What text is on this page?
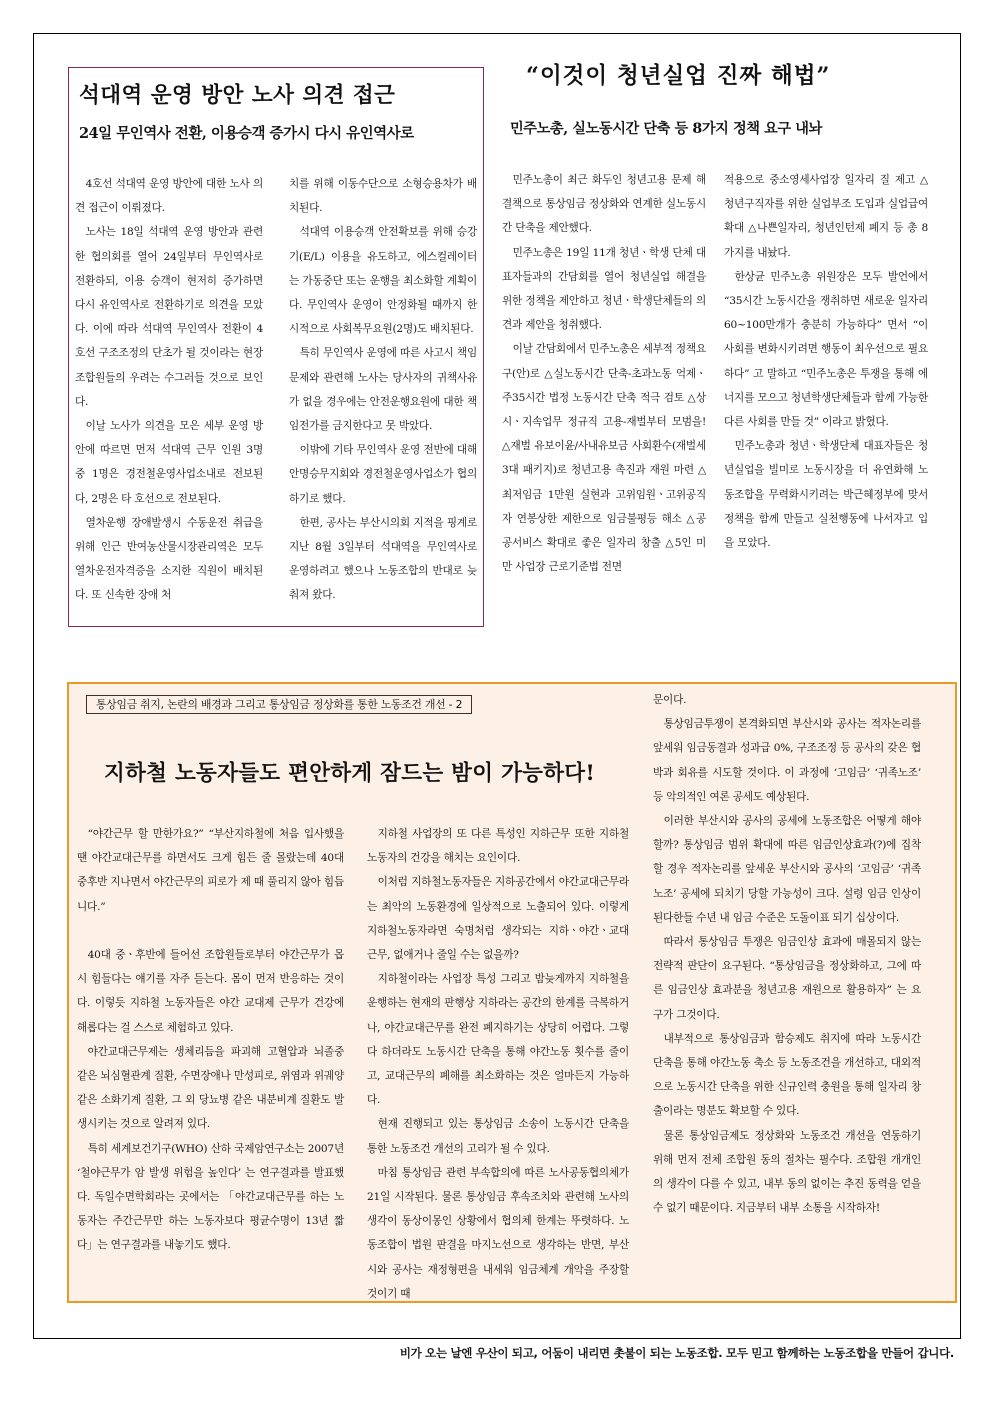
석대역 운영 방안 노사 의견 접근
24일 무인역사 전환, 이용승객 증가시 다시 유인역사로

4호선 석대역 운영 방안에 대한 노사 의견 접근이 이뤄졌다.

노사는 18일 석대역 운영 방안과 관련한 협의회를 열어 24일부터 무인역사로 전환하되, 이용 승객이 현저히 증가하면 다시 유인역사로 전환하기로 의견을 모았다. 이에 따라 석대역 무인역사 전환이 4호선 구조조정의 단초가 될 것이라는 현장 조합원들의 우려는 수그러들 것으로 보인다.

이날 노사가 의견을 모은 세부 운영 방안에 따르면 먼저 석대역 근무 인원 3명 중 1명은 경전철운영사업소내로 전보된다, 2명은 타 호선으로 전보된다.

열차운행 장애발생시 수동운전 취급을 위해 인근 반여농산물시장관리역은 모두 열차운전자격증을 소지한 직원이 배치된다. 또 신속한 장애 처

치를 위해 이동수단으로 소형승용차가 배치된다.

석대역 이용승객 안전확보를 위해 승강기(E/L) 이용을 유도하고, 에스컬레이터는 가동중단 또는 운행을 최소화할 계획이다. 무인역사 운영이 안정화될 때까지 한시적으로 사회복무요원(2명)도 배치된다.

특히 무인역사 운영에 따른 사고시 책임 문제와 관련해 노사는 당사자의 귀책사유가 없을 경우에는 안전운행요원에 대한 책임전가를 금지한다고 못 박았다.

이밖에 기타 무인역사 운영 전반에 대해 안명승무지회와 경전철운영사업소가 협의하기로 했다.

한편, 공사는 부산시의회 지적을 핑계로 지난 8월 3일부터 석대역을 무인역사로 운영하려고 했으나 노동조합의 반대로 늦춰져 왔다.

“이것이 청년실업 진짜 해법”
민주노총, 실노동시간 단축 등 8가지 정책 요구 내놔

민주노총이 최근 화두인 청년고용 문제 해결책으로 통상임금 정상화와 연계한 실노동시간 단축을 제안했다.

민주노총은 19일 11개 청년ㆍ학생 단체 대표자들과의 간담회를 열어 청년실업 해결을 위한 정책을 제안하고 청년ㆍ학생단체들의 의견과 제안을 청취했다.

이날 간담회에서 민주노총은 세부적 정책요구(안)로 △실노동시간 단축-초과노동 억제ㆍ주35시간 법정 노동시간 단축 적극 검토 △상시ㆍ지속업무 정규직 고용-재벌부터 모범을! △재벌 유보이윤/사내유보금 사회환수(재벌세 3대 패키지)로 청년고용 촉진과 재원 마련 △최저임금 1만원 실현과 고위임원ㆍ고위공직자 연봉상한 제한으로 임금불평등 해소 △공공서비스 확대로 좋은 일자리 창출 △5인 미만 사업장 근로기준법 전면

적용으로 중소영세사업장 일자리 질 제고 △청년구직자를 위한 실업부조 도입과 실업급여 확대 △나쁜일자리, 청년인턴제 폐지 등 총 8가지를 내놨다.

한상균 민주노총 위원장은 모두 발언에서 “35시간 노동시간을 쟁취하면 새로운 일자리 60~100만개가 충분히 가능하다” 면서 “이 사회를 변화시키려면 행동이 최우선으로 필요하다” 고 말하고 “민주노총은 투쟁을 통해 에너지를 모으고 청년학생단체들과 함께 가능한 다른 사회를 만들 것” 이라고 밝혔다.

민주노총과 청년ㆍ학생단체 대표자들은 청년실업을 빌미로 노동시장을 더 유연화해 노동조합을 무력화시키려는 박근혜정부에 맞서 정책을 함께 만들고 실천행동에 나서자고 입을 모았다.

통상임금 취지, 논란의 배경과 그리고 통상임금 정상화를 통한 노동조건 개선 - 2
지하철 노동자들도 편안하게 잠드는 밤이 가능하다!

“야간근무 할 만한가요?” “부산지하철에 처음 입사했을 땐 야간교대근무를 하면서도 크게 힘든 줄 몰랐는데 40대 중후반 지나면서 야간근무의 피로가 제 때 풀리지 않아 힘듭니다.”

40대 중ㆍ후반에 들어선 조합원들로부터 야간근무가 몹시 힘들다는 얘기를 자주 듣는다. 몸이 먼저 반응하는 것이다. 이렇듯 지하철 노동자들은 야간 교대제 근무가 건강에 해롭다는 걸 스스로 체험하고 있다.

야간교대근무제는 생체리듬을 파괴해 고혈압과 뇌졸중 같은 뇌심혈관계 질환, 수면장애나 만성피로, 위염과 위궤양 같은 소화기계 질환, 그 외 당뇨병 같은 내분비계 질환도 발생시키는 것으로 알려져 있다.

특히 세계보건기구(WHO) 산하 국제암연구소는 2007년 ‘철야근무가 암 발생 위험을 높인다’ 는 연구결과를 발표했다. 독일수면학회라는 곳에서는 「야간교대근무를 하는 노동자는 주간근무만 하는 노동자보다 평균수명이 13년 짧다」는 연구결과를 내놓기도 했다.

지하철 사업장의 또 다른 특성인 지하근무 또한 지하철 노동자의 건강을 해치는 요인이다.

이처럼 지하철노동자들은 지하공간에서 야간교대근무라는 최악의 노동환경에 일상적으로 노출되어 있다. 이렇게 지하철노동자라면 숙명처럼 생각되는 지하ㆍ야간ㆍ교대 근무, 없애거나 줄일 수는 없을까?

지하철이라는 사업장 특성 그리고 밤늦게까지 지하철을 운행하는 현재의 판행상 지하라는 공간의 한계를 극복하거나, 야간교대근무를 완전 폐지하기는 상당히 어렵다. 그렇다 하더라도 노동시간 단축을 통해 야간노동 횟수를 줄이고, 교대근무의 폐해를 최소화하는 것은 얼마든지 가능하다.

현재 진행되고 있는 통상임금 소송이 노동시간 단축을 통한 노동조건 개선의 고리가 될 수 있다.

마침 통상임금 관련 부속합의에 따른 노사공동협의체가 21일 시작된다. 물론 통상임금 후속조치와 관련해 노사의 생각이 동상이몽인 상황에서 협의체 한계는 뚜렷하다. 노동조합이 법원 판결을 마지노선으로 생각하는 반면, 부산시와 공사는 재정형편을 내세워 임금체계 개악을 주장할 것이기 때

문이다.

통상임금투쟁이 본격화되면 부산시와 공사는 적자논리를 앞세워 임금동결과 성과급 0%, 구조조정 등 공사의 갖은 협박과 회유를 시도할 것이다. 이 과정에 ‘고임금’ ‘귀족노조’ 등 악의적인 여론 공세도 예상된다.

이러한 부산시와 공사의 공세에 노동조합은 어떻게 해야 할까? 통상임금 범위 확대에 따른 임금인상효과(?)에 집착할 경우 적자논리를 앞세운 부산시와 공사의 ‘고임금’ ‘귀족노조’ 공세에 되치기 당할 가능성이 크다. 설령 임금 인상이 된다한들 수년 내 임금 수준은 도돌이표 되기 십상이다.

따라서 통상임금 투쟁은 임금인상 효과에 매몰되지 않는 전략적 판단이 요구된다. “통상임금을 정상화하고, 그에 따른 임금인상 효과분을 청년고용 재원으로 활용하자” 는 요구가 그것이다.

내부적으로 통상임금과 함승제도 취지에 따라 노동시간 단축을 통해 야간노동 축소 등 노동조건을 개선하고, 대외적으로 노동시간 단축을 위한 신규인력 충원을 통해 일자리 창출이라는 명분도 확보할 수 있다.

물론 통상임금제도 정상화와 노동조건 개선을 연동하기 위해 먼저 전체 조합원 동의 절차는 필수다. 조합원 개개인의 생각이 다를 수 있고, 내부 동의 없이는 추진 동력을 얻을 수 없기 때문이다. 지금부터 내부 소통을 시작하자!

비가 오는 날엔 우산이 되고, 어둠이 내리면 촛불이 되는 노동조합. 모두 믿고 함께하는 노동조합을 만들어 갑니다.
